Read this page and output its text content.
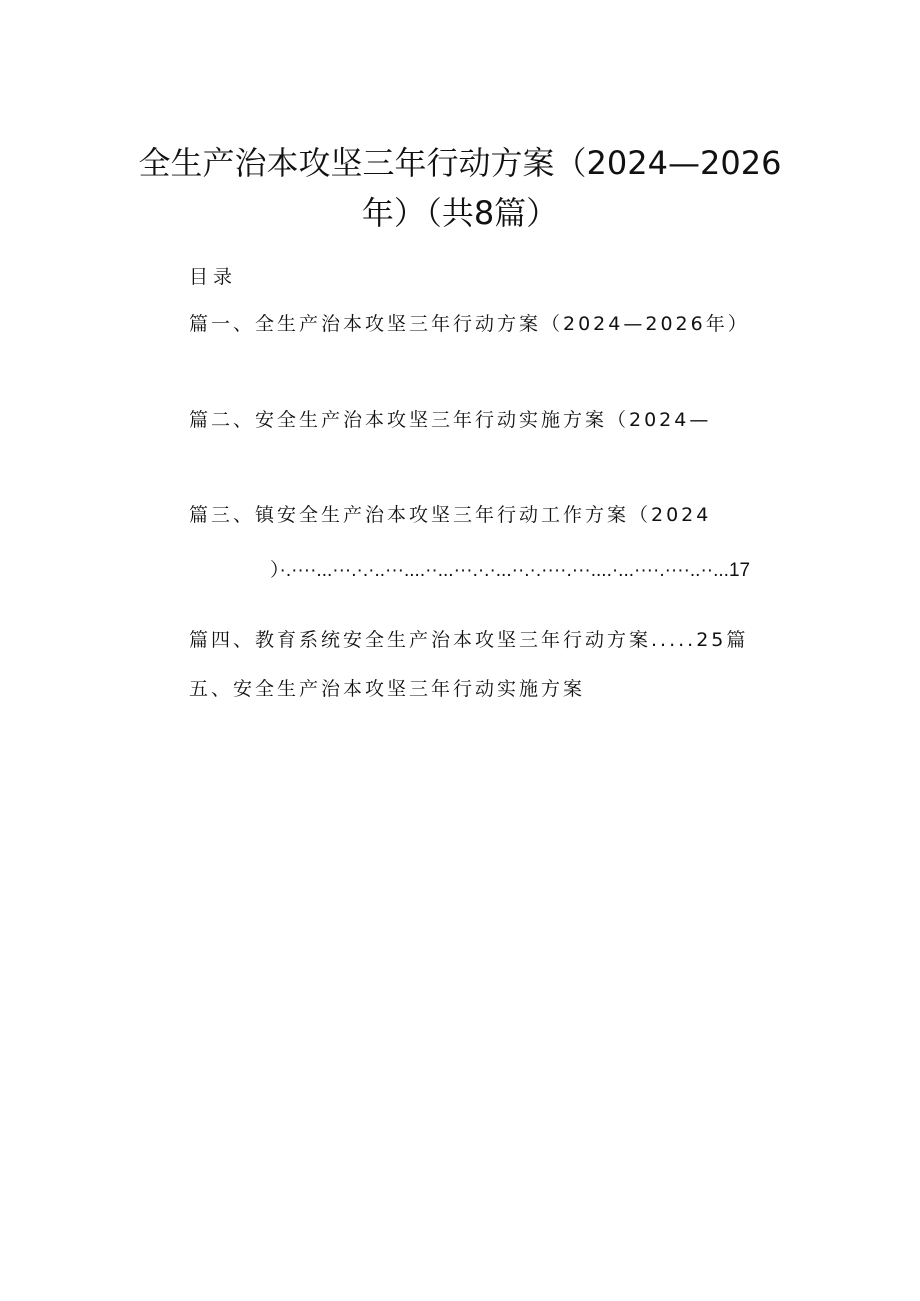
全生产治本攻坚三年行动方案（2024—2026
年）（共8篇）
目录
篇一、全生产治本攻坚三年行动方案（2024—2026年）
篇二、安全生产治本攻坚三年行动实施方案（2024—
篇三、镇安全生产治本攻坚三年行动工作方案（2024
）·.····...···.·.·..···....··...···.·.·...··.·.····.···....·...····.····..··...17
篇四、教育系统安全生产治本攻坚三年行动方案.....25篇
五、安全生产治本攻坚三年行动实施方案
